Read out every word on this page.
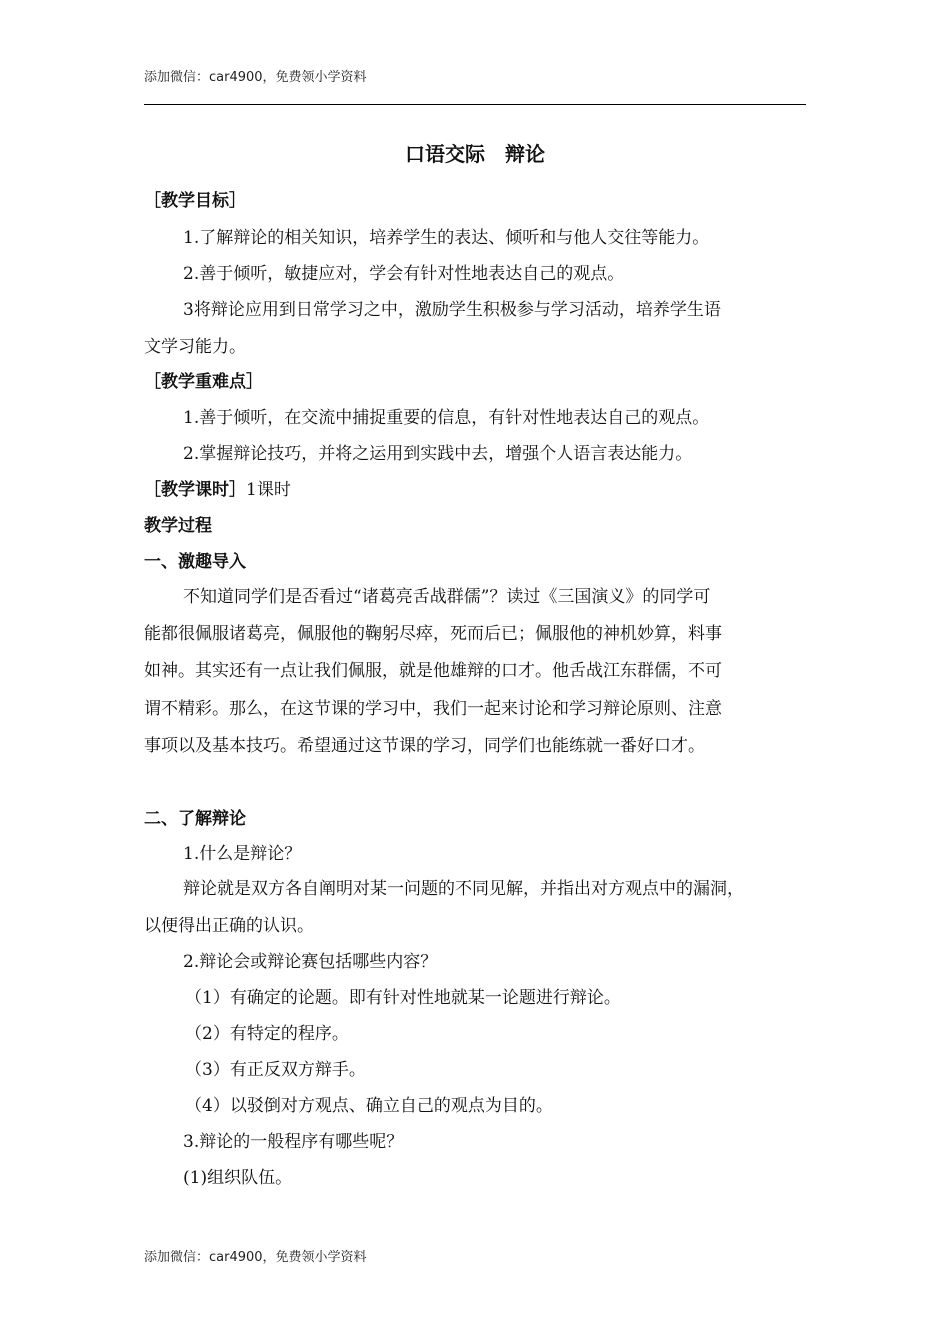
添加微信：car4900，免费领小学资料
口语交际　辩论
［教学目标］
1.了解辩论的相关知识，培养学生的表达、倾听和与他人交往等能力。
2.善于倾听，敏捷应对，学会有针对性地表达自己的观点。
3将辩论应用到日常学习之中，激励学生积极参与学习活动，培养学生语
文学习能力。
［教学重难点］
1.善于倾听，在交流中捕捉重要的信息，有针对性地表达自己的观点。
2.掌握辩论技巧，并将之运用到实践中去，增强个人语言表达能力。
［教学课时］1课时
教学过程
一、激趣导入
不知道同学们是否看过“诸葛亮舌战群儒”？读过《三国演义》的同学可
能都很佩服诸葛亮，佩服他的鞠躬尽瘁，死而后已；佩服他的神机妙算，料事
如神。其实还有一点让我们佩服，就是他雄辩的口才。他舌战江东群儒，不可
谓不精彩。那么，在这节课的学习中，我们一起来讨论和学习辩论原则、注意
事项以及基本技巧。希望通过这节课的学习，同学们也能练就一番好口才。
二、了解辩论
1.什么是辩论？
辩论就是双方各自阐明对某一问题的不同见解，并指出对方观点中的漏洞，
以便得出正确的认识。
2.辩论会或辩论赛包括哪些内容？
（1）有确定的论题。即有针对性地就某一论题进行辩论。
（2）有特定的程序。
（3）有正反双方辩手。
（4）以驳倒对方观点、确立自己的观点为目的。
3.辩论的一般程序有哪些呢？
(1)组织队伍。
添加微信：car4900，免费领小学资料
